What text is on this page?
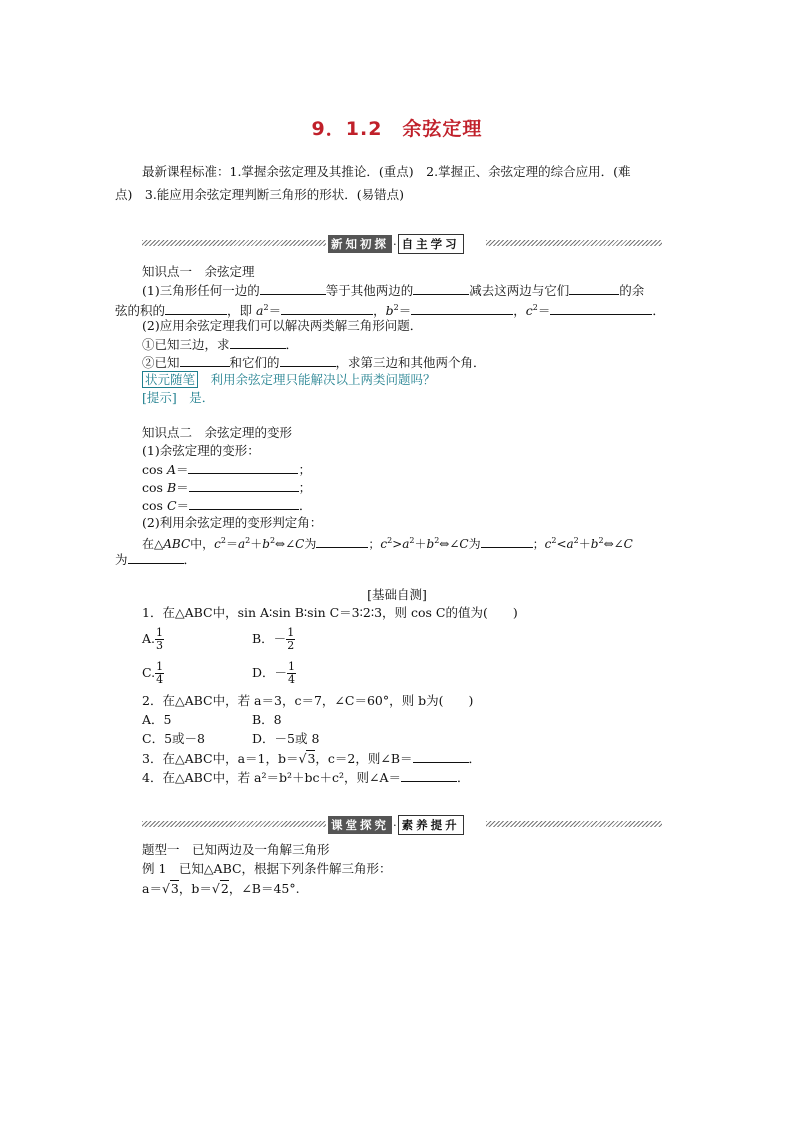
9．1.2　余弦定理
最新课程标准：1.掌握余弦定理及其推论．(重点)　2.掌握正、余弦定理的综合应用．(难
点)　3.能应用余弦定理判断三角形的形状．(易错点)
新知初探 · 自主学习
知识点一　余弦定理
(1)三角形任何一边的	等于其他两边的	减去这两边与它们	的余
弦的积的	，即 $a^2=$	，$b^2=$	，$c^2=$	．
(2)应用余弦定理我们可以解决两类解三角形问题．
①已知三边，求	．
②已知	和它们的	，求第三边和其他两个角．
状元随笔　 利用余弦定理只能解决以上两类问题吗？
[提示]　是．
知识点二　余弦定理的变形
(1)余弦定理的变形：
cos A＝	；
cos B＝	；
cos C＝	．
(2)利用余弦定理的变形判定角：
在△ABC中，$c^2=a^2+b^2\Leftrightarrow\angle C$为	；$c^2>a^2+b^2\Leftrightarrow\angle C$为	；$c^2<a^2+b^2\Leftrightarrow\angle C$
为	．
[基础自测]
1．在△ABC中，sin A∶sin B∶sin C＝3∶2∶3，则 cos C的值为(　　)
A. $\frac{1}{3}$	B．－ $\frac{1}{2}$
C. $\frac{1}{4}$	D．－ $\frac{1}{4}$
2．在△ABC中，若 a＝3，c＝7，∠C＝60°，则 b为(　　)
A．5	B．8
C．5或－8	D．－5或 8
3．在△ABC中，a＝1，b＝√3，c＝2，则∠B＝	．
4．在△ABC中，若 a²＝b²＋bc＋c²，则∠A＝	．
课堂探究 · 素养提升
题型一　已知两边及一角解三角形
例 1　已知△ABC，根据下列条件解三角形：
a＝√3，b＝√2，∠B＝45°.
